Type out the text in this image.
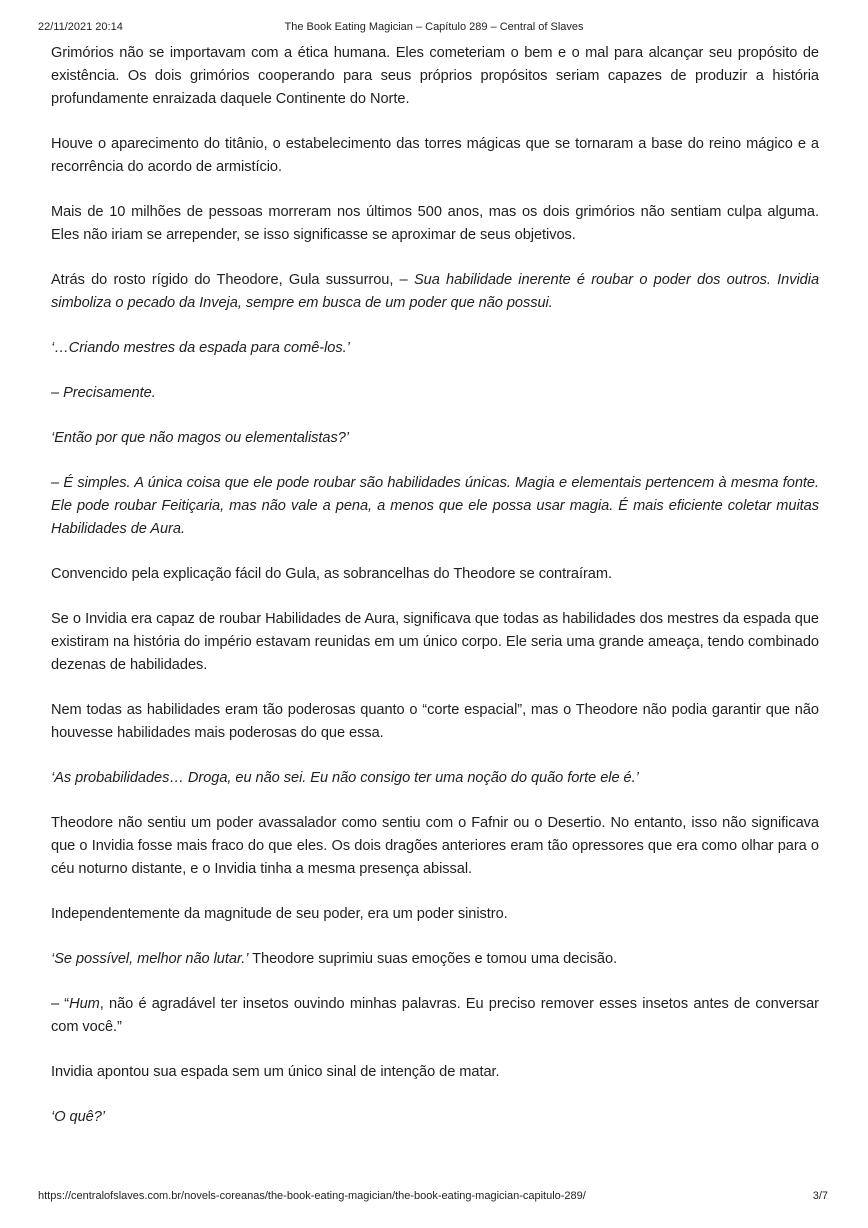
22/11/2021 20:14	The Book Eating Magician – Capítulo 289 – Central of Slaves

Grimórios não se importavam com a ética humana. Eles cometeriam o bem e o mal para alcançar seu propósito de existência. Os dois grimórios cooperando para seus próprios propósitos seriam capazes de produzir a história profundamente enraizada daquele Continente do Norte.

Houve o aparecimento do titânio, o estabelecimento das torres mágicas que se tornaram a base do reino mágico e a recorrência do acordo de armistício.

Mais de 10 milhões de pessoas morreram nos últimos 500 anos, mas os dois grimórios não sentiam culpa alguma. Eles não iriam se arrepender, se isso significasse se aproximar de seus objetivos.

Atrás do rosto rígido do Theodore, Gula sussurrou, – Sua habilidade inerente é roubar o poder dos outros. Invidia simboliza o pecado da Inveja, sempre em busca de um poder que não possui.

‘…Criando mestres da espada para comê-los.’

– Precisamente.

‘Então por que não magos ou elementalistas?’

– É simples. A única coisa que ele pode roubar são habilidades únicas. Magia e elementais pertencem à mesma fonte. Ele pode roubar Feitiçaria, mas não vale a pena, a menos que ele possa usar magia. É mais eficiente coletar muitas Habilidades de Aura.

Convencido pela explicação fácil do Gula, as sobrancelhas do Theodore se contraíram.

Se o Invidia era capaz de roubar Habilidades de Aura, significava que todas as habilidades dos mestres da espada que existiram na história do império estavam reunidas em um único corpo. Ele seria uma grande ameaça, tendo combinado dezenas de habilidades.

Nem todas as habilidades eram tão poderosas quanto o “corte espacial”, mas o Theodore não podia garantir que não houvesse habilidades mais poderosas do que essa.

‘As probabilidades… Droga, eu não sei. Eu não consigo ter uma noção do quão forte ele é.’

Theodore não sentiu um poder avassalador como sentiu com o Fafnir ou o Desertio. No entanto, isso não significava que o Invidia fosse mais fraco do que eles. Os dois dragões anteriores eram tão opressores que era como olhar para o céu noturno distante, e o Invidia tinha a mesma presença abissal.

Independentemente da magnitude de seu poder, era um poder sinistro.

‘Se possível, melhor não lutar.’ Theodore suprimiu suas emoções e tomou uma decisão.

– “Hum, não é agradável ter insetos ouvindo minhas palavras. Eu preciso remover esses insetos antes de conversar com você.”

Invidia apontou sua espada sem um único sinal de intenção de matar.

‘O quê?’

https://centralofslaves.com.br/novels-coreanas/the-book-eating-magician/the-book-eating-magician-capitulo-289/	3/7
